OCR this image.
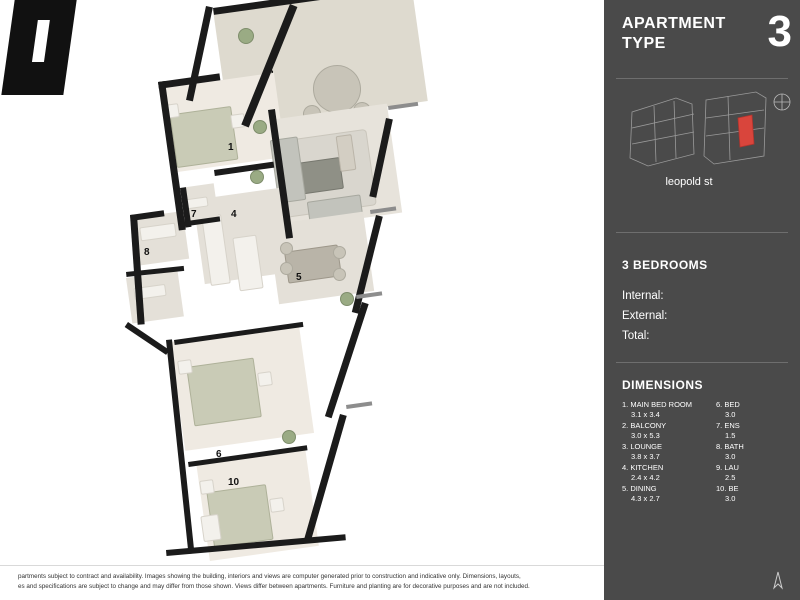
1
4
5
7
8
6
10
partments subject to contract and availability. Images showing the building, interiors and views are computer generated prior to construction and indicative only. Dimensions, layouts,
es and specifications are subject to change and may differ from those shown. Views differ between apartments. Furniture and planting are for decorative purposes and are not included.
APARTMENT
TYPE	3
leopold st
3 BEDROOMS
Internal:
External:
Total:
DIMENSIONS
1. MAIN BED ROOM
3.1 x 3.4
2. BALCONY
3.0 x 5.3
3. LOUNGE
3.8 x 3.7
4. KITCHEN
2.4 x 4.2
5. DINING
4.3 x 2.7
6. BED
3.0
7. ENS
1.5
8. BATH
3.0
9. LAU
2.5
10. BE
3.0
